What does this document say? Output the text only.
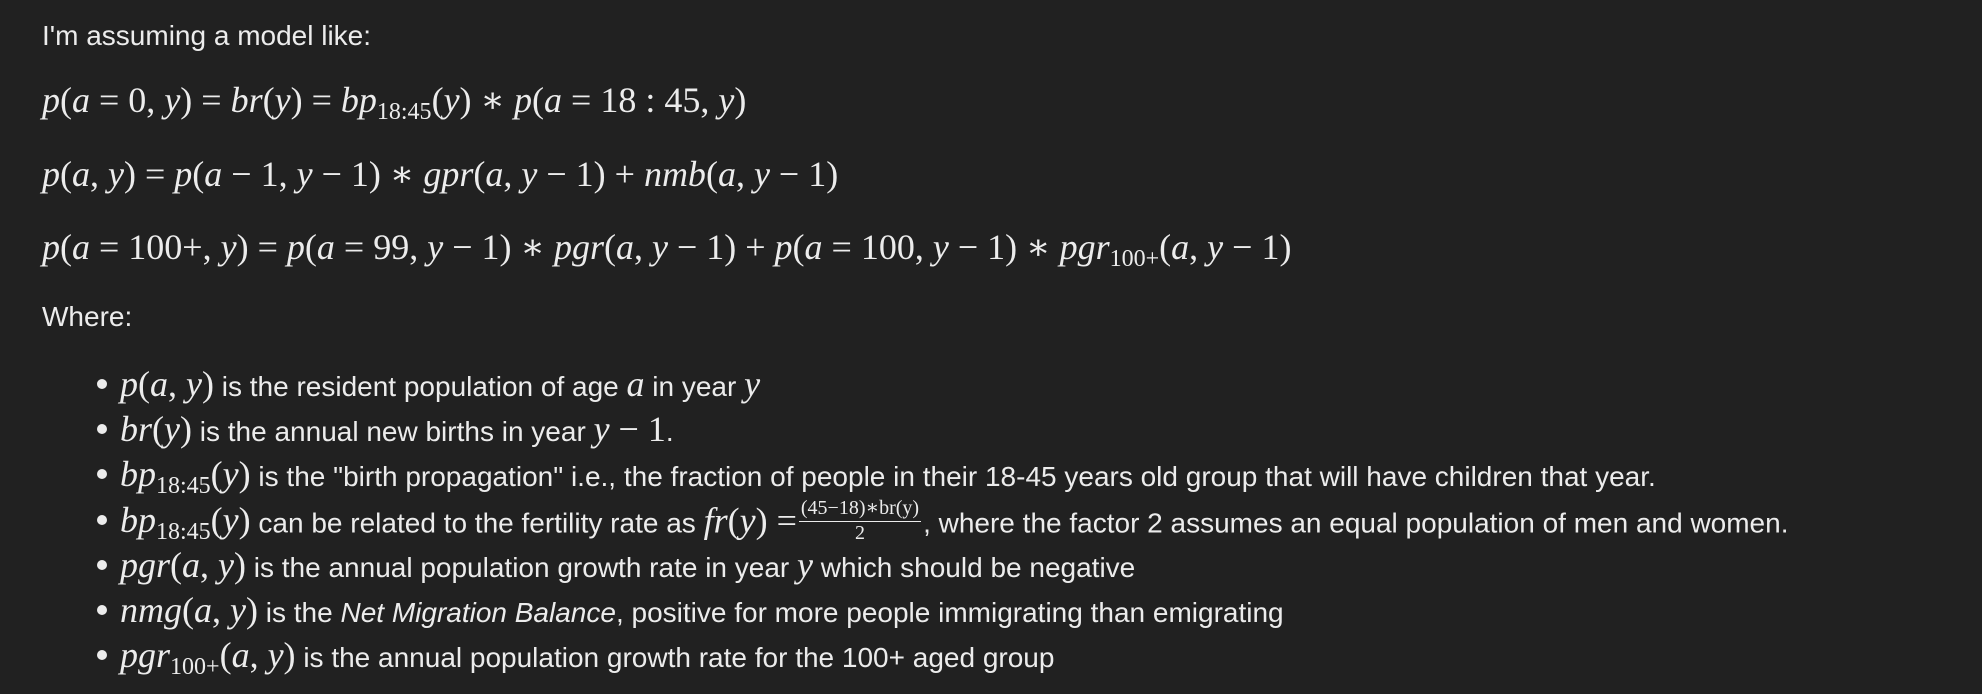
I'm assuming a model like:
p(a = 0, y) = br(y) = bp18:45(y) ∗ p(a = 18 : 45, y)
p(a, y) = p(a − 1, y − 1) ∗ gpr(a, y − 1) + nmb(a, y − 1)
p(a = 100+, y) = p(a = 99, y − 1) ∗ pgr(a, y − 1) + p(a = 100, y − 1) ∗ pgr100+(a, y − 1)
Where:
p(a, y) is the resident population of age a in year y
br(y) is the annual new births in year y − 1.
bp18:45(y) is the "birth propagation" i.e., the fraction of people in their 18-45 years old group that will have children that year.
bp18:45(y) can be related to the fertility rate as $fr(y) = \frac{(45-18)∗br(y)}{2}$ , where the factor 2 assumes an equal population of men and women.
pgr(a, y) is the annual population growth rate in year y which should be negative
nmg(a, y) is the Net Migration Balance, positive for more people immigrating than emigrating
pgr100+(a, y) is the annual population growth rate for the 100+ aged group
